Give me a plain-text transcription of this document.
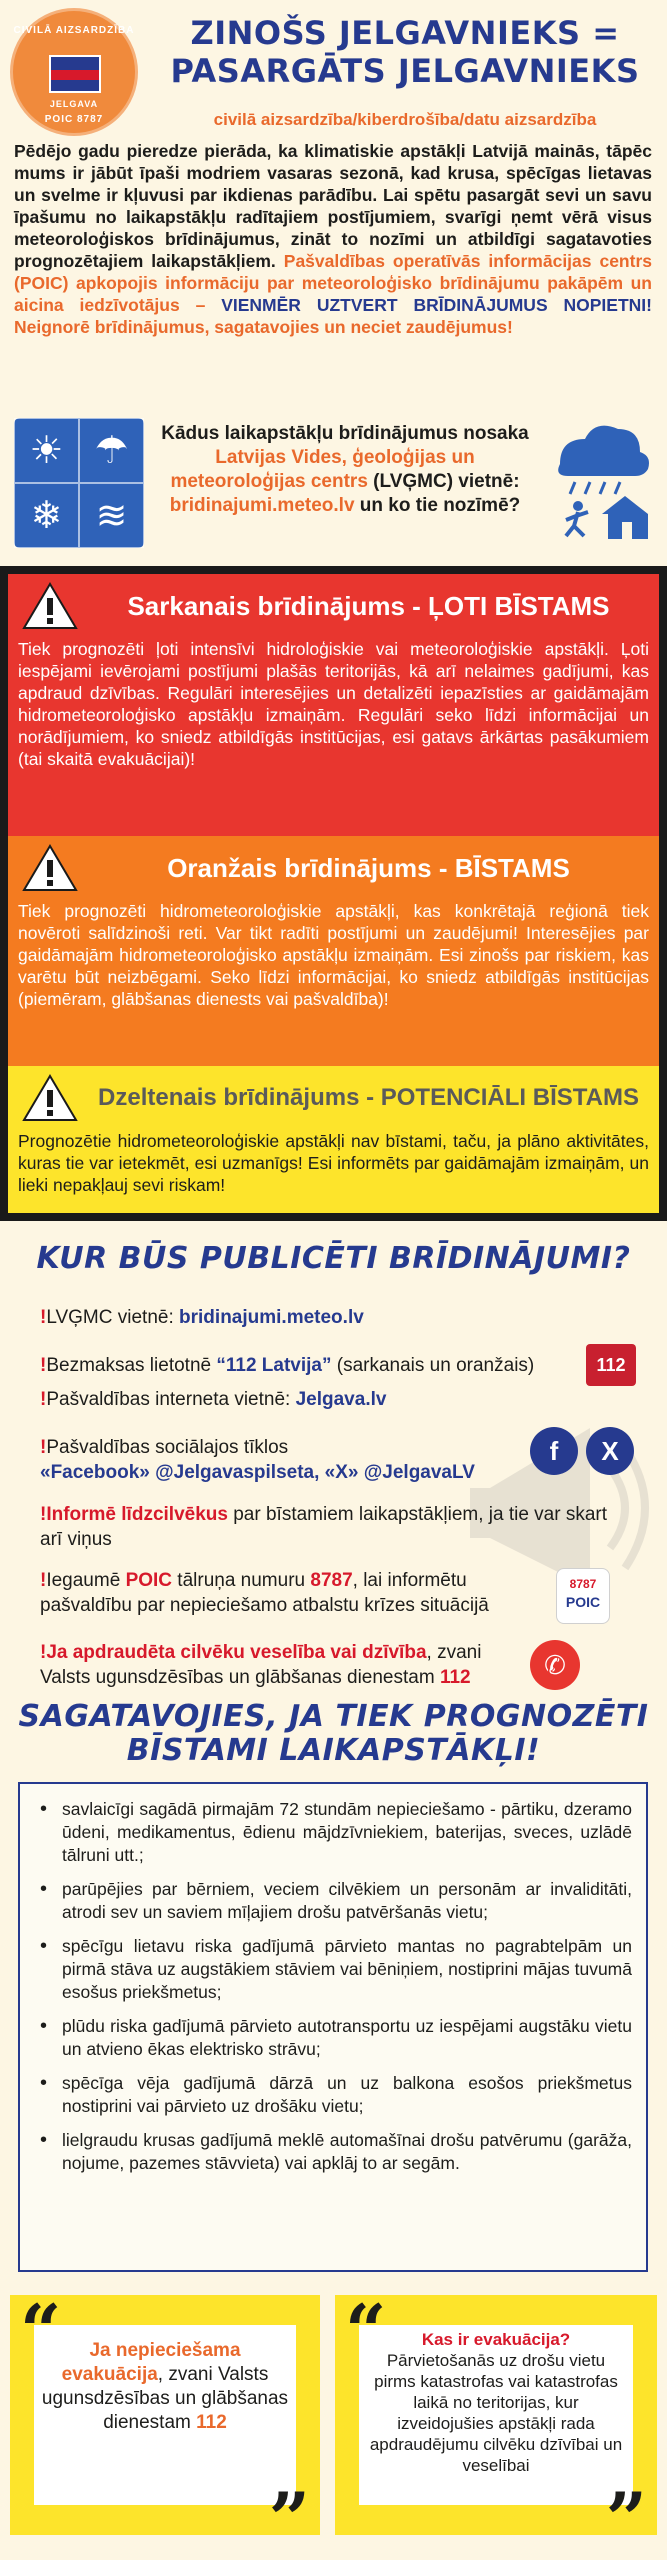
CIVILĀ AIZSARDZĪBA
JELGAVA
POIC 8787
ZINOŠS JELGAVNIEKS =
PASARGĀTS JELGAVNIEKS
civilā aizsardzība/kiberdrošība/datu aizsardzība

Pēdējo gadu pieredze pierāda, ka klimatiskie apstākļi Latvijā mainās, tāpēc mums ir jābūt īpaši modriem vasaras sezonā, kad krusa, spēcīgas lietavas un svelme ir kļuvusi par ikdienas parādību. Lai spētu pasargāt sevi un savu īpašumu no laikapstākļu radītajiem postījumiem, svarīgi ņemt vērā visus meteoroloģiskos brīdinājumus, zināt to nozīmi un atbildīgi sagatavoties prognozētajiem laikapstākļiem. Pašvaldības operatīvās informācijas centrs (POIC) apkopojis informāciju par meteoroloģisko brīdinājumu pakāpēm un aicina iedzīvotājus – VIENMĒR UZTVERT BRĪDINĀJUMUS NOPIETNI! Neignorē brīdinājumus, sagatavojies un neciet zaudējumus!

☀ ☂
❄ ≋
Kādus laikapstākļu brīdinājumus nosaka Latvijas Vides, ģeoloģijas un meteoroloģijas centrs (LVĢMC) vietnē: bridinajumi.meteo.lv un ko tie nozīmē?
Sarkanais brīdinājums - ĻOTI BĪSTAMS
Tiek prognozēti ļoti intensīvi hidroloģiskie vai meteoroloģiskie apstākļi. Ļoti iespējami ievērojami postījumi plašās teritorijās, kā arī nelaimes gadījumi, kas apdraud dzīvības. Regulāri interesējies un detalizēti iepazīsties ar gaidāmajām hidrometeoroloģisko apstākļu izmaiņām. Regulāri seko līdzi informācijai un norādījumiem, ko sniedz atbildīgās institūcijas, esi gatavs ārkārtas pasākumiem (tai skaitā evakuācijai)!
Oranžais brīdinājums - BĪSTAMS
Tiek prognozēti hidrometeoroloģiskie apstākļi, kas konkrētajā reģionā tiek novēroti salīdzinoši reti. Var tikt radīti postījumi un zaudējumi! Interesējies par gaidāmajām hidrometeoroloģisko apstākļu izmaiņām. Esi zinošs par riskiem, kas varētu būt neizbēgami. Seko līdzi informācijai, ko sniedz atbildīgās institūcijas (piemēram, glābšanas dienests vai pašvaldība)!
Dzeltenais brīdinājums - POTENCIĀLI BĪSTAMS
Prognozētie hidrometeoroloģiskie apstākļi nav bīstami, taču, ja plāno aktivitātes, kuras tie var ietekmēt, esi uzmanīgs! Esi informēts par gaidāmajām izmaiņām, un lieki nepakļauj sevi riskam!
KUR BŪS PUBLICĒTI BRĪDINĀJUMI?
!LVĢMC vietnē: bridinajumi.meteo.lv
!Bezmaksas lietotnē “112 Latvija” (sarkanais un oranžais)	112
!Pašvaldības interneta vietnē: Jelgava.lv
!Pašvaldības sociālajos tīklos
«Facebook» @Jelgavaspilseta, «X» @JelgavaLV
f	X
!Informē līdzcilvēkus par bīstamiem laikapstākļiem, ja tie var skart arī viņus
!Iegaumē POIC tālruņa numuru 8787, lai informētu pašvaldību par nepieciešamo atbalstu krīzes situācijā
8787
POIC
!Ja apdraudēta cilvēku veselība vai dzīvība, zvani Valsts ugunsdzēsības un glābšanas dienestam 112	✆
SAGATAVOJIES, JA TIEK PROGNOZĒTI
BĪSTAMI LAIKAPSTĀKĻI!
• savlaicīgi sagādā pirmajām 72 stundām nepieciešamo - pārtiku, dzeramo ūdeni, medikamentus, ēdienu mājdzīvniekiem, baterijas, sveces, uzlādē tālruni utt.;
• parūpējies par bērniem, veciem cilvēkiem un personām ar invaliditāti, atrodi sev un saviem mīļajiem drošu patvēršanās vietu;
• spēcīgu lietavu riska gadījumā pārvieto mantas no pagrabtelpām un pirmā stāva uz augstākiem stāviem vai bēniņiem, nostiprini mājas tuvumā esošus priekšmetus;
• plūdu riska gadījumā pārvieto autotransportu uz iespējami augstāku vietu un atvieno ēkas elektrisko strāvu;
• spēcīga vēja gadījumā dārzā un uz balkona esošos priekšmetus nostiprini vai pārvieto uz drošāku vietu;
• lielgraudu krusas gadījumā meklē automašīnai drošu patvērumu (garāža, nojume, pazemes stāvvieta) vai apklāj to ar segām.
“
”
Ja nepieciešama evakuācija, zvani Valsts ugunsdzēsības un glābšanas dienestam 112
“
”
Kas ir evakuācija?
Pārvietošanās uz drošu vietu pirms katastrofas vai katastrofas laikā no teritorijas, kur izveidojušies apstākļi rada apdraudējumu cilvēku dzīvībai un veselībai
